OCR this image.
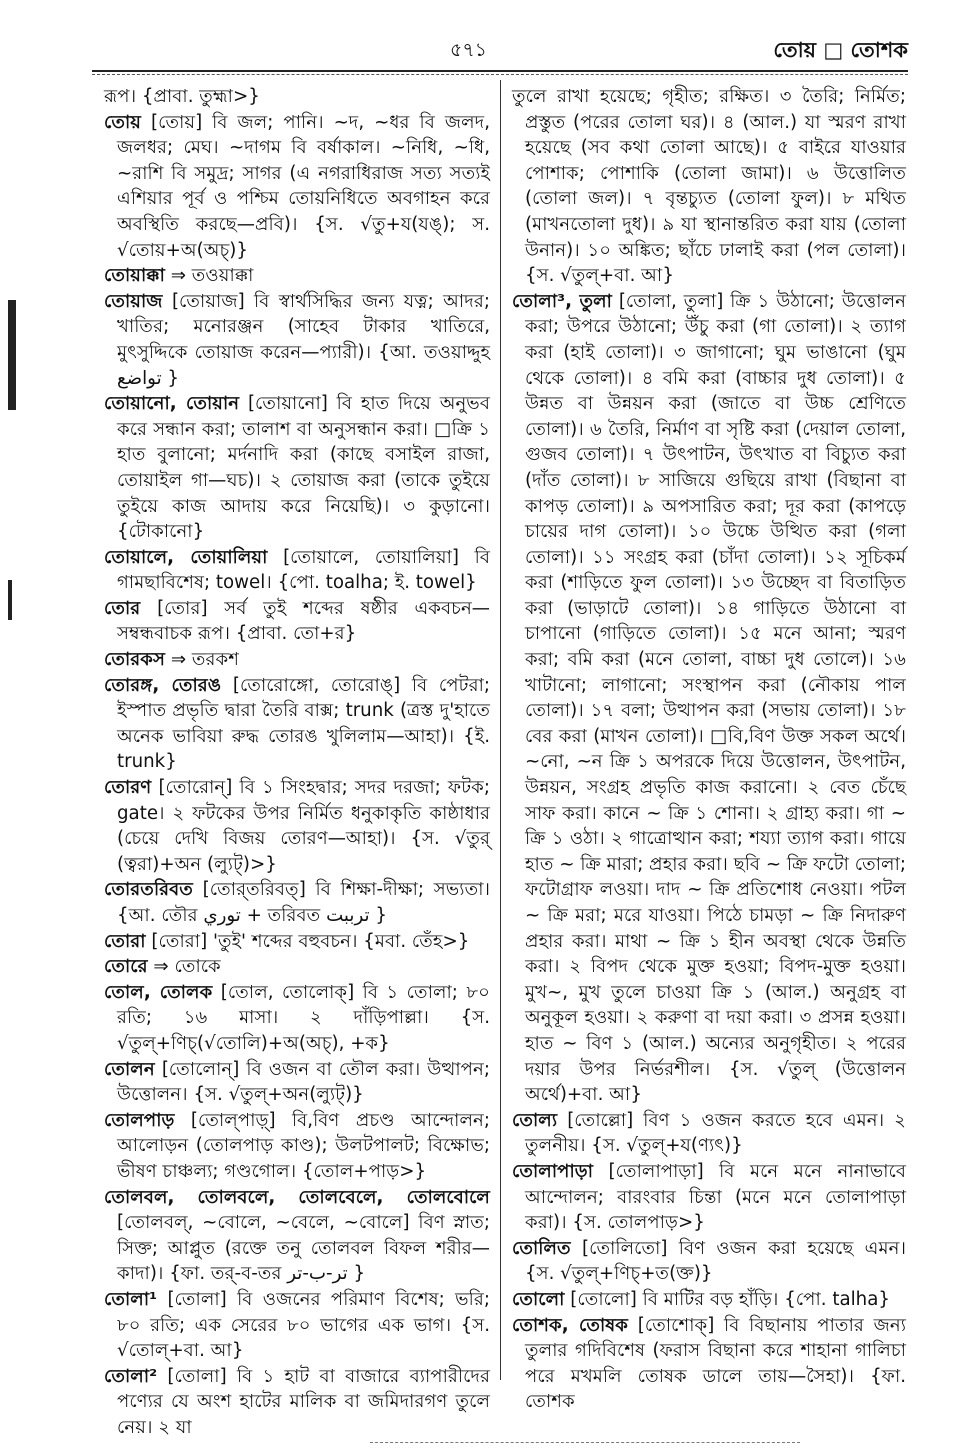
৫৭১	তোয় □ তোশক

রূপ। {প্রাবা. তুহ্মা>}

তোয় [তোয়] বি জল; পানি। ~দ, ~ধর বি জলদ, জলধর; মেঘ। ~দাগম বি বর্ষাকাল। ~নিধি, ~ধি, ~রাশি বি সমুদ্র; সাগর (এ নগরাধিরাজ সত্য সত্যই এশিয়ার পূর্ব ও পশ্চিম তোয়নিধিতে অবগাহন করে অবস্থিতি করছে—প্রবি)। {স. √তু+য(যঙ্); স. √তোয়+অ(অচ্)}

তোয়াক্কা ⇒ তওয়াক্কা

তোয়াজ [তোয়াজ] বি স্বার্থসিদ্ধির জন্য যত্ন; আদর; খাতির; মনোরঞ্জন (সাহেব টাকার খাতিরে, মুৎসুদ্দিকে তোয়াজ করেন—প্যারী)। {আ. তওয়াদ্দুহ تواضع }

তোয়ানো, তোয়ান [তোয়ানো] বি হাত দিয়ে অনুভব করে সন্ধান করা; তালাশ বা অনুসন্ধান করা। □ক্রি ১ হাত বুলানো; মর্দনাদি করা (কাছে বসাইল রাজা, তোয়াইল গা—ঘচ)। ২ তোয়াজ করা (তাকে তুইয়ে তুইয়ে কাজ আদায় করে নিয়েছি)। ৩ কুড়ানো। {টোকানো}

তোয়ালে, তোয়ালিয়া [তোয়ালে, তোয়ালিয়া] বি গামছাবিশেষ; towel। {পো. toalha; ই. towel}

তোর [তোর] সর্ব তুই শব্দের ষষ্ঠীর একবচন—সম্বন্ধবাচক রূপ। {প্রাবা. তো+র}

তোরকস ⇒ তরকশ

তোরঙ্গ, তোরঙ [তোরোঙ্গো, তোরোঙ্] বি পেটরা; ইস্পাত প্রভৃতি দ্বারা তৈরি বাক্স; trunk (ত্রস্ত দু'হাতে অনেক ভাবিয়া রুদ্ধ তোরঙ খুলিলাম—আহা)। {ই. trunk}

তোরণ [তোরোন্] বি ১ সিংহদ্বার; সদর দরজা; ফটক; gate। ২ ফটকের উপর নির্মিত ধনুকাকৃতি কাষ্ঠাধার (চেয়ে দেখি বিজয় তোরণ—আহা)। {স. √তুর্ (ত্বরা)+অন (ল্যুট্)>}

তোরতরিবত [তোর্‌তরিবত্] বি শিক্ষা-দীক্ষা; সভ্যতা। {আ. তৌর توري + তরিবত ترببت }

তোরা [তোরা] 'তুই' শব্দের বহুবচন। {মবা. তেঁহ>}

তোরে ⇒ তোকে

তোল, তোলক [তোল, তোলোক্] বি ১ তোলা; ৮০ রতি; ১৬ মাসা। ২ দাঁড়িপাল্লা। {স. √তুল্+ণিচ্(√তোলি)+অ(অচ্), +ক}

তোলন [তোলোন্] বি ওজন বা তৌল করা। উত্থাপন; উত্তোলন। {স. √তুল্+অন(ল্যুট্)}

তোলপাড় [তোল্‌পাড়্] বি,বিণ প্রচণ্ড আন্দোলন; আলোড়ন (তোলপাড় কাণ্ড); উলটপালট; বিক্ষোভ; ভীষণ চাঞ্চল্য; গণ্ডগোল। {তোল+পাড়>}

তোলবল, তোলবলে, তোলবেলে, তোলবোলে [তোলবল্, ~বোলে, ~বেলে, ~বোলে] বিণ স্নাত; সিক্ত; আপ্লুত (রক্তে তনু তোলবল বিফল শরীর—কাদা)। {ফা. তর্-ব-তর تر-ب-تر }

তোলা¹ [তোলা] বি ওজনের পরিমাণ বিশেষ; ভরি; ৮০ রতি; এক সেরের ৮০ ভাগের এক ভাগ। {স. √তোল্+বা. আ}

তোলা² [তোলা] বি ১ হাট বা বাজারে ব্যাপারীদের পণ্যের যে অংশ হাটের মালিক বা জমিদারগণ তুলে নেয়। ২ যা

তুলে রাখা হয়েছে; গৃহীত; রক্ষিত। ৩ তৈরি; নির্মিত; প্রস্তুত (পরের তোলা ঘর)। ৪ (আল.) যা স্মরণ রাখা হয়েছে (সব কথা তোলা আছে)। ৫ বাইরে যাওয়ার পোশাক; পোশাকি (তোলা জামা)। ৬ উত্তোলিত (তোলা জল)। ৭ বৃন্তচ্যুত (তোলা ফুল)। ৮ মথিত (মাখনতোলা দুধ)। ৯ যা স্থানান্তরিত করা যায় (তোলা উনান)। ১০ অঙ্কিত; ছাঁচে ঢালাই করা (পল তোলা)। {স. √তুল্+বা. আ}

তোলা³, তুলা [তোলা, তুলা] ক্রি ১ উঠানো; উত্তোলন করা; উপরে উঠানো; উঁচু করা (গা তোলা)। ২ ত্যাগ করা (হাই তোলা)। ৩ জাগানো; ঘুম ভাঙানো (ঘুম থেকে তোলা)। ৪ বমি করা (বাচ্চার দুধ তোলা)। ৫ উন্নত বা উন্নয়ন করা (জাতে বা উচ্চ শ্রেণিতে তোলা)। ৬ তৈরি, নির্মাণ বা সৃষ্টি করা (দেয়াল তোলা, গুজব তোলা)। ৭ উৎপাটন, উৎখাত বা বিচ্যুত করা (দাঁত তোলা)। ৮ সাজিয়ে গুছিয়ে রাখা (বিছানা বা কাপড় তোলা)। ৯ অপসারিত করা; দূর করা (কাপড়ে চায়ের দাগ তোলা)। ১০ উচ্চে উত্থিত করা (গলা তোলা)। ১১ সংগ্রহ করা (চাঁদা তোলা)। ১২ সূচিকর্ম করা (শাড়িতে ফুল তোলা)। ১৩ উচ্ছেদ বা বিতাড়িত করা (ভাড়াটে তোলা)। ১৪ গাড়িতে উঠানো বা চাপানো (গাড়িতে তোলা)। ১৫ মনে আনা; স্মরণ করা; বমি করা (মনে তোলা, বাচ্চা দুধ তোলে)। ১৬ খাটানো; লাগানো; সংস্থাপন করা (নৌকায় পাল তোলা)। ১৭ বলা; উত্থাপন করা (সভায় তোলা)। ১৮ বের করা (মাখন তোলা)। □বি,বিণ উক্ত সকল অর্থে। ~নো, ~ন ক্রি ১ অপরকে দিয়ে উত্তোলন, উৎপাটন, উন্নয়ন, সংগ্রহ প্রভৃতি কাজ করানো। ২ বেত চেঁছে সাফ করা। কানে ~ ক্রি ১ শোনা। ২ গ্রাহ্য করা। গা ~ ক্রি ১ ওঠা। ২ গাত্রোত্থান করা; শয্যা ত্যাগ করা। গায়ে হাত ~ ক্রি মারা; প্রহার করা। ছবি ~ ক্রি ফটো তোলা; ফটোগ্রাফ লওয়া। দাদ ~ ক্রি প্রতিশোধ নেওয়া। পটল ~ ক্রি মরা; মরে যাওয়া। পিঠে চামড়া ~ ক্রি নিদারুণ প্রহার করা। মাথা ~ ক্রি ১ হীন অবস্থা থেকে উন্নতি করা। ২ বিপদ থেকে মুক্ত হওয়া; বিপদ-মুক্ত হওয়া। মুখ~, মুখ তুলে চাওয়া ক্রি ১ (আল.) অনুগ্রহ বা অনুকূল হওয়া। ২ করুণা বা দয়া করা। ৩ প্রসন্ন হওয়া। হাত ~ বিণ ১ (আল.) অন্যের অনুগৃহীত। ২ পরের দয়ার উপর নির্ভরশীল। {স. √তুল্ (উত্তোলন অর্থে)+বা. আ}

তোল্য [তোল্লো] বিণ ১ ওজন করতে হবে এমন। ২ তুলনীয়। {স. √তুল্+য(ণ্যৎ)}

তোলাপাড়া [তোলাপাড়া] বি মনে মনে নানাভাবে আন্দোলন; বারংবার চিন্তা (মনে মনে তোলাপাড়া করা)। {স. তোলপাড়>}

তোলিত [তোলিতো] বিণ ওজন করা হয়েছে এমন। {স. √তুল্+ণিচ্+ত(ক্ত)}

তোলো [তোলো] বি মাটির বড় হাঁড়ি। {পো. talha}

তোশক, তোষক [তোশোক্] বি বিছানায় পাতার জন্য তুলার গদিবিশেষ (ফরাস বিছানা করে শাহানা গালিচা পরে মখমলি তোষক ডালে তায়—সৈহা)। {ফা. তোশক
